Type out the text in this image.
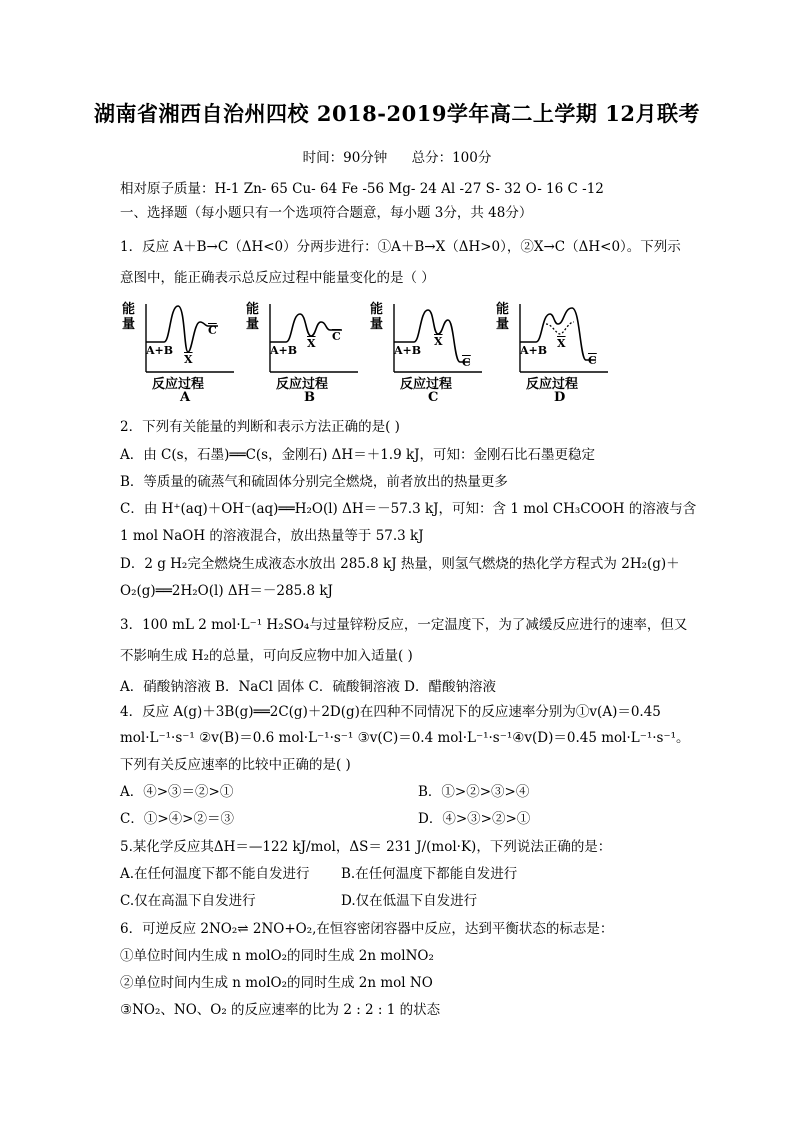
湖南省湘西自治州四校 2018-2019学年高二上学期 12月联考
时间：90分钟 总分：100分
相对原子质量：H-1 Zn- 65 Cu- 64 Fe -56 Mg- 24 Al -27 S- 32 O- 16 C -12
一、选择题（每小题只有一个选项符合题意，每小题 3分，共 48分）
1．反应 A＋B→C（ΔH<0）分两步进行：①A＋B→X（ΔH>0），②X→C（ΔH<0）。下列示
意图中，能正确表示总反应过程中能量变化的是（ ）
能量
A+B
$\overline{X}$
$\overline{C}$
反应过程
A
能量
A+B
$\overline{X}$
$\overline{C}$
反应过程
B
能量
A+B
$\overline{X}$
$\overline{C}$
反应过程
C
能量
A+B
$\overline{X}$
$\overline{C}$
反应过程
D
2．下列有关能量的判断和表示方法正确的是( )
A．由 C(s，石墨)══C(s，金刚石) ΔH＝＋1.9 kJ，可知：金刚石比石墨更稳定
B．等质量的硫蒸气和硫固体分别完全燃烧，前者放出的热量更多
C．由 H⁺(aq)＋OH⁻(aq)══H₂O(l) ΔH＝－57.3 kJ，可知：含 1 mol CH₃COOH 的溶液与含
1 mol NaOH 的溶液混合，放出热量等于 57.3 kJ
D．2 g H₂完全燃烧生成液态水放出 285.8 kJ 热量，则氢气燃烧的热化学方程式为 2H₂(g)＋
O₂(g)══2H₂O(l) ΔH＝－285.8 kJ
3．100 mL 2 mol·L⁻¹ H₂SO₄与过量锌粉反应，一定温度下，为了减缓反应进行的速率，但又
不影响生成 H₂的总量，可向反应物中加入适量( )
A．硝酸钠溶液 B．NaCl 固体 C．硫酸铜溶液 D．醋酸钠溶液
4．反应 A(g)＋3B(g)══2C(g)＋2D(g)在四种不同情况下的反应速率分别为①v(A)＝0.45
mol·L⁻¹·s⁻¹ ②v(B)＝0.6 mol·L⁻¹·s⁻¹ ③v(C)＝0.4 mol·L⁻¹·s⁻¹④v(D)＝0.45 mol·L⁻¹·s⁻¹。
下列有关反应速率的比较中正确的是( )
A．④>③＝②>①	B．①>②>③>④
C．①>④>②＝③	D．④>③>②>①
5.某化学反应其ΔH＝—122 kJ/mol，ΔS＝ 231 J/(mol·K)，下列说法正确的是：
A.在任何温度下都不能自发进行	B.在任何温度下都能自发进行
C.仅在高温下自发进行	D.仅在低温下自发进行
6．可逆反应 2NO₂⇌ 2NO+O₂,在恒容密闭容器中反应，达到平衡状态的标志是：
①单位时间内生成 n molO₂的同时生成 2n molNO₂
②单位时间内生成 n molO₂的同时生成 2n mol NO
③NO₂、NO、O₂ 的反应速率的比为 2 : 2 : 1 的状态
